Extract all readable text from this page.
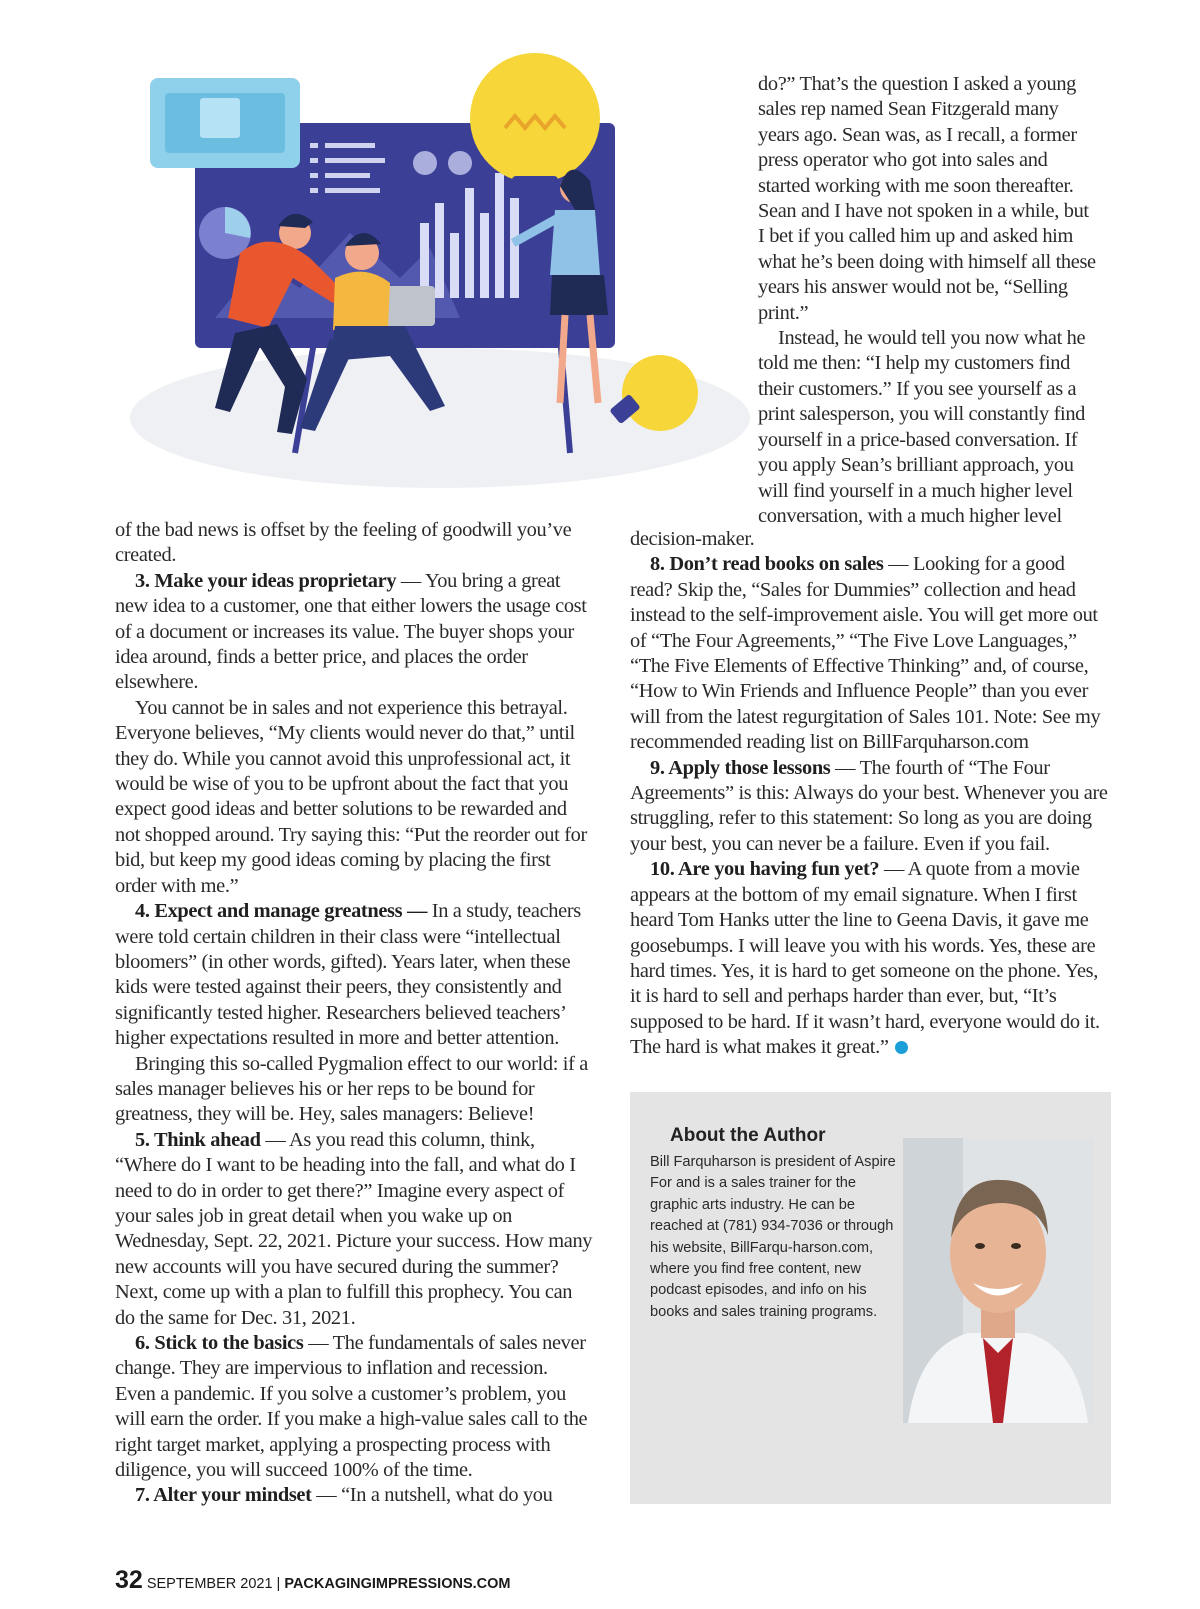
do?” That’s the question I asked a young sales rep named Sean Fitzgerald many years ago. Sean was, as I recall, a former press operator who got into sales and started working with me soon thereafter. Sean and I have not spoken in a while, but I bet if you called him up and asked him what he’s been doing with himself all these years his answer would not be, “Selling print.”

Instead, he would tell you now what he told me then: “I help my customers find their customers.” If you see yourself as a print salesperson, you will constantly find yourself in a price-based conversation. If you apply Sean’s brilliant approach, you will find yourself in a much higher level conversation, with a much higher level

of the bad news is offset by the feeling of goodwill you’ve created.

3. Make your ideas proprietary — You bring a great new idea to a customer, one that either lowers the usage cost of a document or increases its value. The buyer shops your idea around, finds a better price, and places the order elsewhere.

You cannot be in sales and not experience this betrayal. Everyone believes, “My clients would never do that,” until they do. While you cannot avoid this unprofessional act, it would be wise of you to be upfront about the fact that you expect good ideas and better solutions to be rewarded and not shopped around. Try saying this: “Put the reorder out for bid, but keep my good ideas coming by placing the first order with me.”

4. Expect and manage greatness — In a study, teachers were told certain children in their class were “intellectual bloomers” (in other words, gifted). Years later, when these kids were tested against their peers, they consistently and significantly tested higher. Researchers believed teachers’ higher expectations resulted in more and better attention.

Bringing this so-called Pygmalion effect to our world: if a sales manager believes his or her reps to be bound for greatness, they will be. Hey, sales managers: Believe!

5. Think ahead — As you read this column, think, “Where do I want to be heading into the fall, and what do I need to do in order to get there?” Imagine every aspect of your sales job in great detail when you wake up on Wednesday, Sept. 22, 2021. Picture your success. How many new accounts will you have secured during the summer? Next, come up with a plan to fulfill this prophecy. You can do the same for Dec. 31, 2021.

6. Stick to the basics — The fundamentals of sales never change. They are impervious to inflation and recession. Even a pandemic. If you solve a customer’s problem, you will earn the order. If you make a high-value sales call to the right target market, applying a prospecting process with diligence, you will succeed 100% of the time.

7. Alter your mindset — “In a nutshell, what do you

decision-maker.

8. Don’t read books on sales — Looking for a good read? Skip the, “Sales for Dummies” collection and head instead to the self-improvement aisle. You will get more out of “The Four Agreements,” “The Five Love Languages,” “The Five Elements of Effective Thinking” and, of course, “How to Win Friends and Influence People” than you ever will from the latest regurgitation of Sales 101. Note: See my recommended reading list on BillFarquharson.com

9. Apply those lessons — The fourth of “The Four Agreements” is this: Always do your best. Whenever you are struggling, refer to this statement: So long as you are doing your best, you can never be a failure. Even if you fail.

10. Are you having fun yet? — A quote from a movie appears at the bottom of my email signature. When I first heard Tom Hanks utter the line to Geena Davis, it gave me goosebumps. I will leave you with his words. Yes, these are hard times. Yes, it is hard to get someone on the phone. Yes, it is hard to sell and perhaps harder than ever, but, “It’s supposed to be hard. If it wasn’t hard, everyone would do it. The hard is what makes it great.”

About the Author
Bill Farquharson is president of Aspire For and is a sales trainer for the graphic arts industry. He can be reached at (781) 934-7036 or through his website, BillFarqu-harson.com, where you find free content, new podcast episodes, and info on his books and sales training programs.
32 SEPTEMBER 2021 | PACKAGINGIMPRESSIONS.COM
